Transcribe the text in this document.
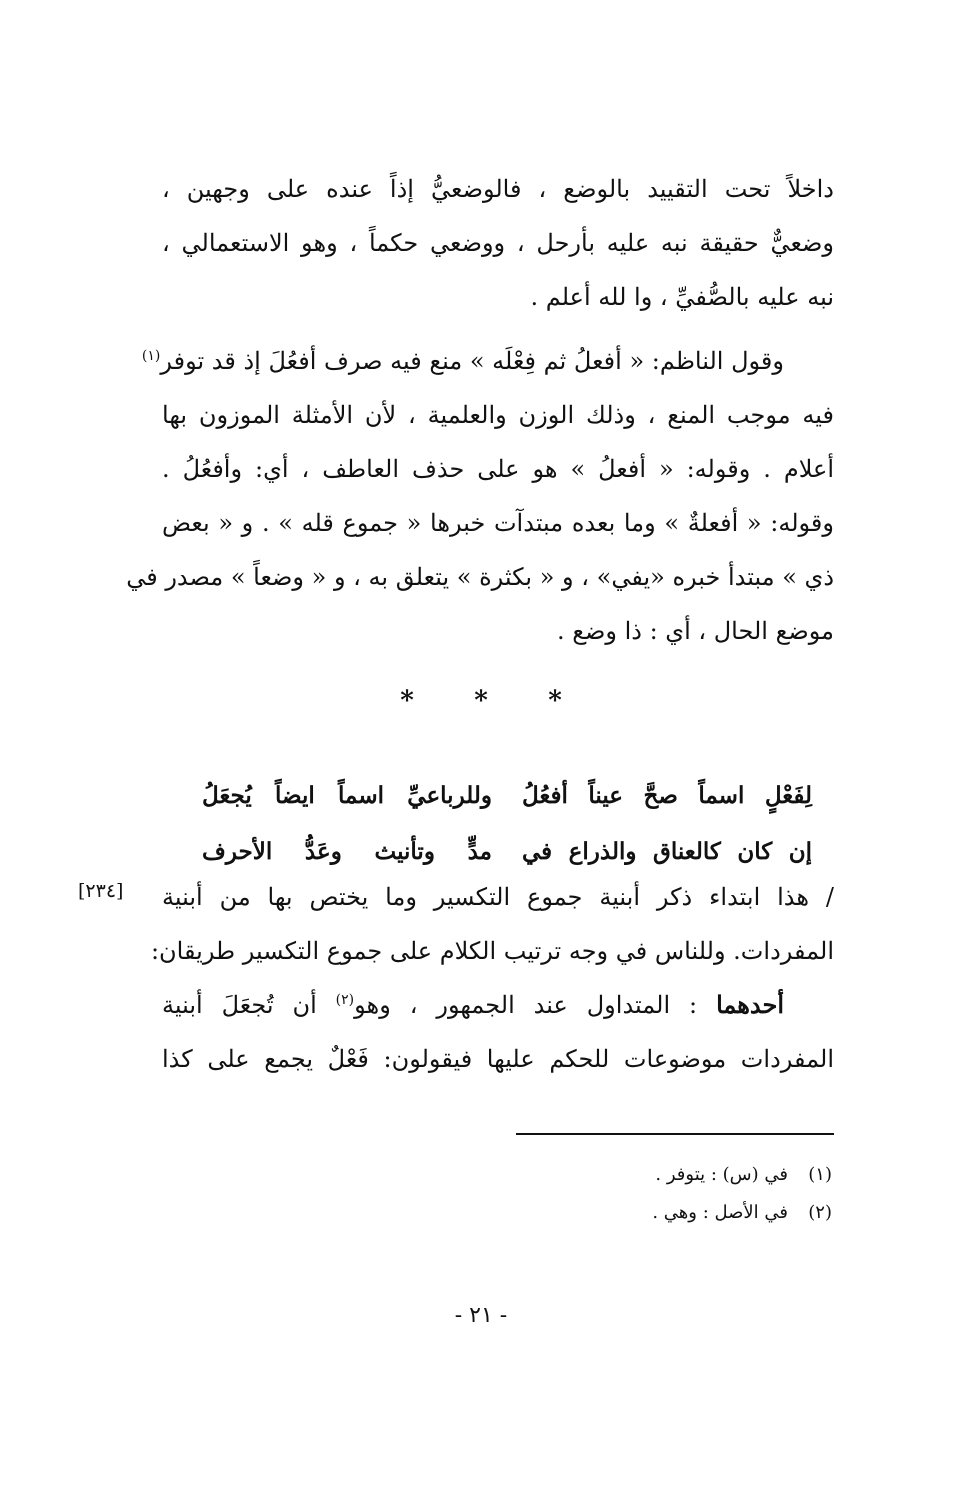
داخلاً تحت التقييد بالوضع ، فالوضعيُّ إذاً عنده على وجهين ،
وضعيٌّ حقيقة نبه عليه بأرحل ، ووضعي حكماً ، وهو الاستعمالي ،
نبه عليه بالصُّفيِّ ، وا لله أعلم .
وقول الناظم: « أفعلُ ثم فِعْلَه » منع فيه صرف أفعُلَ إذ قد توفر$^{(١)}$
فيه موجب المنع ، وذلك الوزن والعلمية ، لأن الأمثلة الموزون بها
أعلام . وقوله: « أفعلُ » هو على حذف العاطف ، أي: وأفعُلُ .
وقوله: « أفعلةٌ » وما بعده مبتدآت خبرها « جموع قله » . و « بعض
ذي » مبتدأ خبره «يفي» ، و « بكثرة » يتعلق به ، و « وضعاً » مصدر في
موضع الحال ، أي : ذا وضع .
* * *
لِفَعْلٍ اسماً صحَّ عيناً أفعُلُ
وللرباعيِّ اسماً ايضاً يُجعَلُ
إن كان كالعناق والذراع في
مدٍّ وتأنيث وعَدُّ الأحرف
[٢٣٤] / هذا ابتداء ذكر أبنية جموع التكسير وما يختص بها من أبنية
المفردات. وللناس في وجه ترتيب الكلام على جموع التكسير طريقان:
أحدهما : المتداول عند الجمهور ، وهو$^{(٢)}$ أن تُجعَلَ أبنية
المفردات موضوعات للحكم عليها فيقولون: فَعْلٌ يجمع على كذا
(١)في (س) : يتوفر .
(٢)في الأصل : وهي .
- ٢١ -
